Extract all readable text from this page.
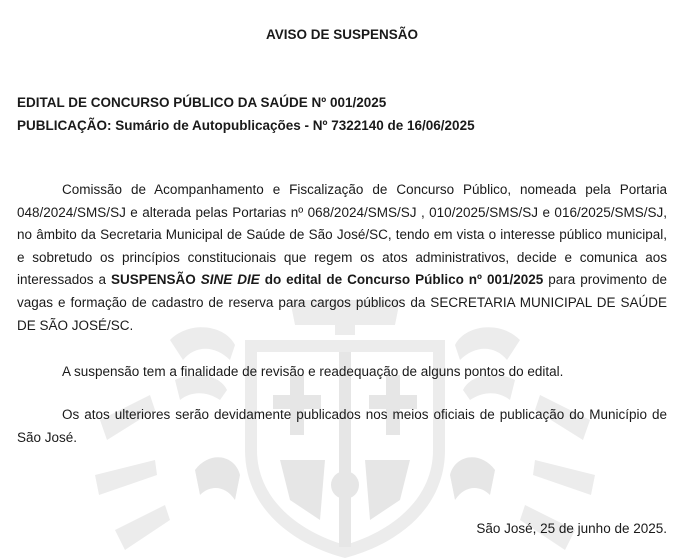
AVISO DE SUSPENSÃO
EDITAL DE CONCURSO PÚBLICO DA SAÚDE Nº 001/2025
PUBLICAÇÃO: Sumário de Autopublicações - Nº 7322140 de 16/06/2025

Comissão de Acompanhamento e Fiscalização de Concurso Público, nomeada pela Portaria 048/2024/SMS/SJ e alterada pelas Portarias nº 068/2024/SMS/SJ , 010/2025/SMS/SJ e 016/2025/SMS/SJ, no âmbito da Secretaria Municipal de Saúde de São José/SC, tendo em vista o interesse público municipal, e sobretudo os princípios constitucionais que regem os atos administrativos, decide e comunica aos interessados a SUSPENSÃO SINE DIE do edital de Concurso Público nº 001/2025 para provimento de vagas e formação de cadastro de reserva para cargos públicos da SECRETARIA MUNICIPAL DE SAÚDE DE SÃO JOSÉ/SC.

A suspensão tem a finalidade de revisão e readequação de alguns pontos do edital.

Os atos ulteriores serão devidamente publicados nos meios oficiais de publicação do Município de São José.

São José, 25 de junho de 2025.
